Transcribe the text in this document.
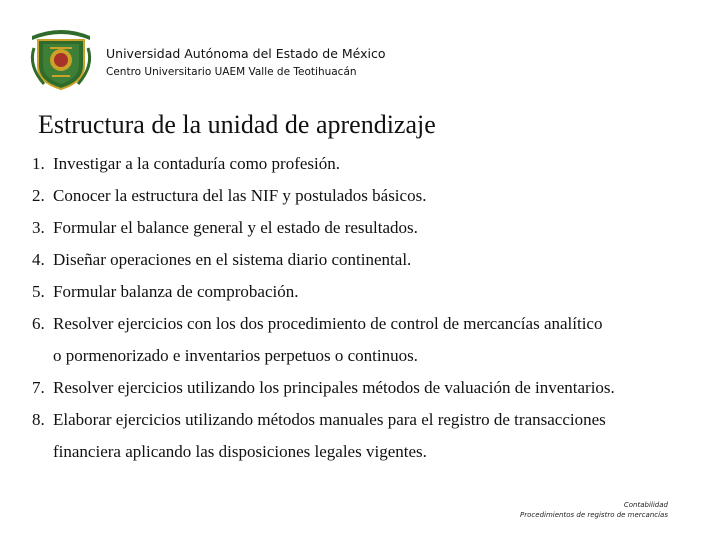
Universidad Autónoma del Estado de México
Centro Universitario UAEM Valle de Teotihuacán
Estructura de la unidad de aprendizaje
1. Investigar a la contaduría como profesión.
2. Conocer la estructura del las NIF y postulados básicos.
3. Formular el balance general y el estado de resultados.
4. Diseñar operaciones en el sistema diario continental.
5. Formular balanza de comprobación.
6. Resolver ejercicios con los dos procedimiento de control de mercancías analítico
o pormenorizado e inventarios perpetuos o continuos.
7. Resolver ejercicios utilizando los principales métodos de valuación de inventarios.
8. Elaborar ejercicios utilizando métodos manuales para el registro de transacciones
financiera aplicando las disposiciones legales vigentes.
Contabilidad
Procedimientos de registro de mercancías
